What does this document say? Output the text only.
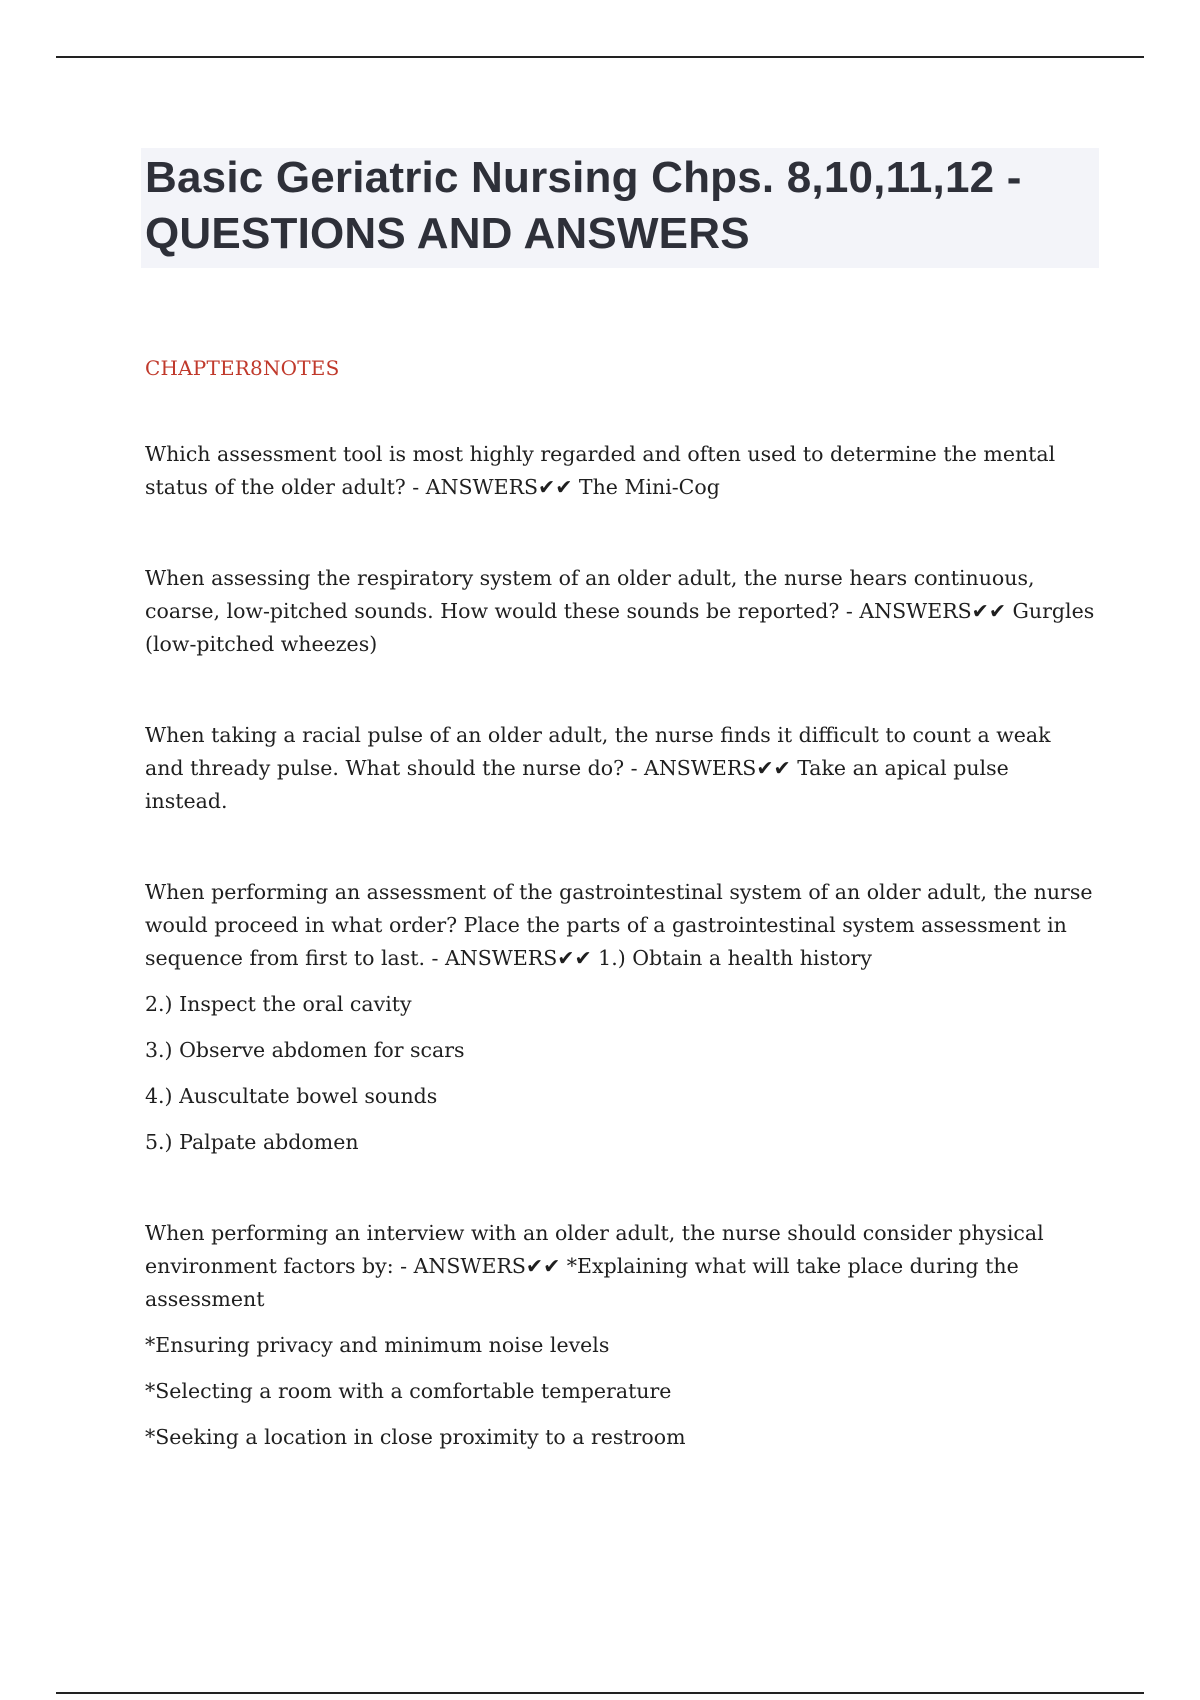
Basic Geriatric Nursing Chps. 8,10,11,12 -QUESTIONS AND ANSWERS
CHAPTER8NOTES

Which assessment tool is most highly regarded and often used to determine the mental status of the older adult? - ANSWERS✔✔ The Mini-Cog

When assessing the respiratory system of an older adult, the nurse hears continuous, coarse, low-pitched sounds. How would these sounds be reported? - ANSWERS✔✔ Gurgles (low-pitched wheezes)

When taking a racial pulse of an older adult, the nurse finds it difficult to count a weak and thready pulse. What should the nurse do? - ANSWERS✔✔ Take an apical pulse instead.

When performing an assessment of the gastrointestinal system of an older adult, the nurse would proceed in what order? Place the parts of a gastrointestinal system assessment in sequence from first to last. - ANSWERS✔✔ 1.) Obtain a health history

2.) Inspect the oral cavity
3.) Observe abdomen for scars
4.) Auscultate bowel sounds
5.) Palpate abdomen

When performing an interview with an older adult, the nurse should consider physical environment factors by: - ANSWERS✔✔ *Explaining what will take place during the assessment

*Ensuring privacy and minimum noise levels
*Selecting a room with a comfortable temperature
*Seeking a location in close proximity to a restroom
